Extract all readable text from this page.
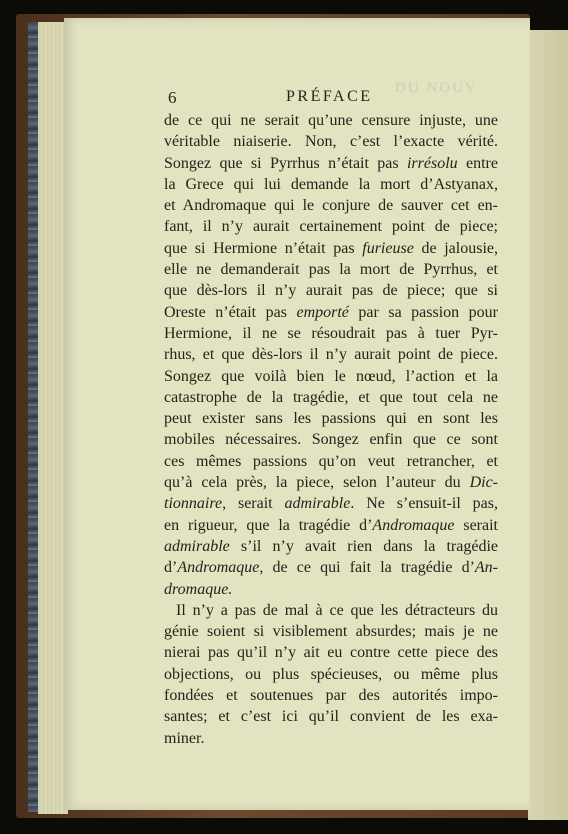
DU NOUV
6	PRÉFACE
de ce qui ne serait qu’une censure injuste, une
véritable niaiserie. Non, c’est l’exacte vérité.
Songez que si Pyrrhus n’était pas irrésolu entre
la Grece qui lui demande la mort d’Astyanax,
et Andromaque qui le conjure de sauver cet en-
fant, il n’y aurait certainement point de piece;
que si Hermione n’était pas furieuse de jalousie,
elle ne demanderait pas la mort de Pyrrhus, et
que dès-lors il n’y aurait pas de piece; que si
Oreste n’était pas emporté par sa passion pour
Hermione, il ne se résoudrait pas à tuer Pyr-
rhus, et que dès-lors il n’y aurait point de piece.
Songez que voilà bien le nœud, l’action et la
catastrophe de la tragédie, et que tout cela ne
peut exister sans les passions qui en sont les
mobiles nécessaires. Songez enfin que ce sont
ces mêmes passions qu’on veut retrancher, et
qu’à cela près, la piece, selon l’auteur du Dic-
tionnaire, serait admirable. Ne s’ensuit-il pas,
en rigueur, que la tragédie d’Andromaque serait
admirable s’il n’y avait rien dans la tragédie
d’Andromaque, de ce qui fait la tragédie d’An-
dromaque.
Il n’y a pas de mal à ce que les détracteurs du
génie soient si visiblement absurdes; mais je ne
nierai pas qu’il n’y ait eu contre cette piece des
objections, ou plus spécieuses, ou même plus
fondées et soutenues par des autorités impo-
santes; et c’est ici qu’il convient de les exa-
miner.
